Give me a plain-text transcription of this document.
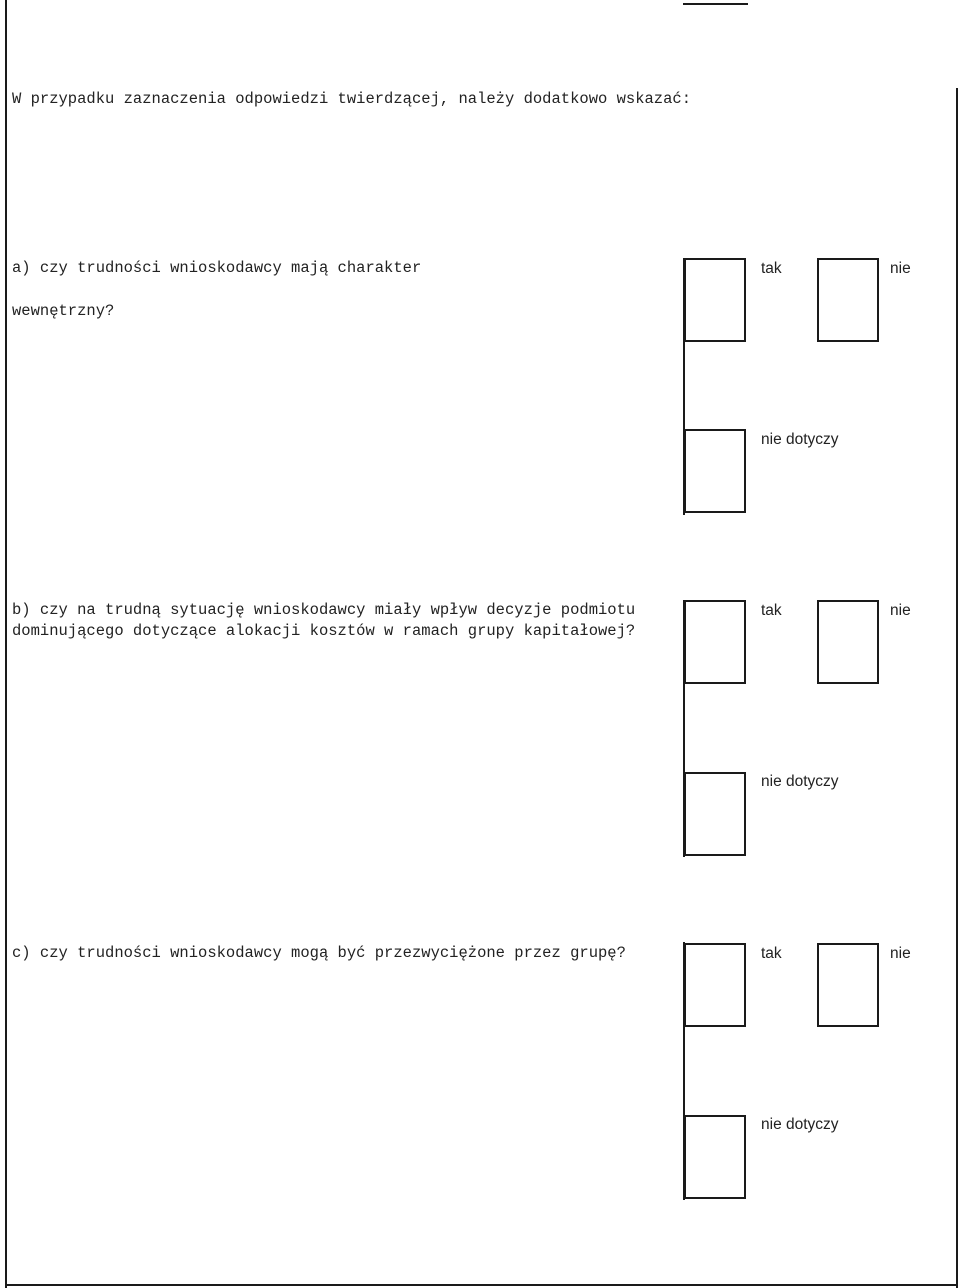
W przypadku zaznaczenia odpowiedzi twierdzącej, należy dodatkowo wskazać:
a) czy trudności wnioskodawcy mają charakter
wewnętrzny?
tak	nie
nie dotyczy
b) czy na trudną sytuację wnioskodawcy miały wpływ decyzje podmiotu
dominującego dotyczące alokacji kosztów w ramach grupy kapitałowej?
tak	nie
nie dotyczy
c) czy trudności wnioskodawcy mogą być przezwyciężone przez grupę?	tak	nie
nie dotyczy
